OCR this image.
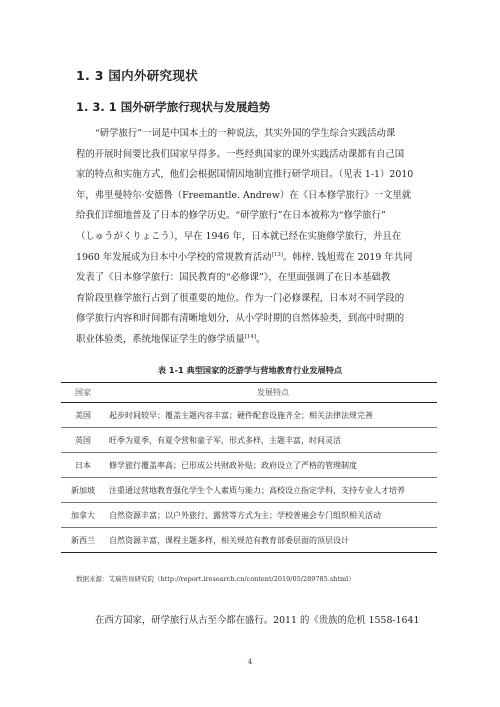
1. 3 国内外研究现状
1. 3. 1 国外研学旅行现状与发展趋势
“研学旅行”一词是中国本土的一种说法，其实外国的学生综合实践活动课
程的开展时间要比我们国家早得多。一些经典国家的课外实践活动课都有自己国
家的特点和实施方式，他们会根据国情因地制宜推行研学项目。（见表 1-1）2010
年，弗里曼特尔·安德鲁（Freemantle. Andrew）在《日本修学旅行》一文里就
给我们详细地普及了日本的修学历史。“研学旅行”在日本被称为“修学旅行”
（しゅうがくりょこう），早在 1946 年，日本就已经在实施修学旅行，并且在
1960 年发展成为日本中小学校的常规教育活动[13]。韩梓. 钱旭莺在 2019 年共同
发表了《日本修学旅行：国民教育的“必修课”》，在里面强调了在日本基础教
育阶段里修学旅行占到了很重要的地位。作为一门必修课程，日本对不同学段的
修学旅行内容和时间都有清晰地划分，从小学时期的自然体验类，到高中时期的
职业体验类，系统地保证学生的修学质量[14]。
表 1-1 典型国家的泛游学与营地教育行业发展特点
国家	发展特点
美国	起步时间较早；覆盖主题内容丰富；硬件配套设施齐全；相关法律法规完善
英国	旺季为夏季，有夏令营和童子军，形式多样，主题丰富，时间灵活
日本	修学旅行覆盖率高；已形成公共财政补贴；政府设立了严格的管理制度
新加坡	注重通过营地教育强化学生个人素质与能力；高校设立指定学科，支持专业人才培养
加拿大	自然资源丰富；以户外旅行、露营等方式为主；学校普遍会专门组织相关活动
新西兰	自然资源丰富，课程主题多样，相关规范有教育部委层面的顶层设计
数据来源：艾瑞咨询研究院（http://report.iresearch.cn/content/2019/05/289785.shtml）
在西方国家，研学旅行从古至今都在盛行。2011 的《贵族的危机 1558-1641
4
